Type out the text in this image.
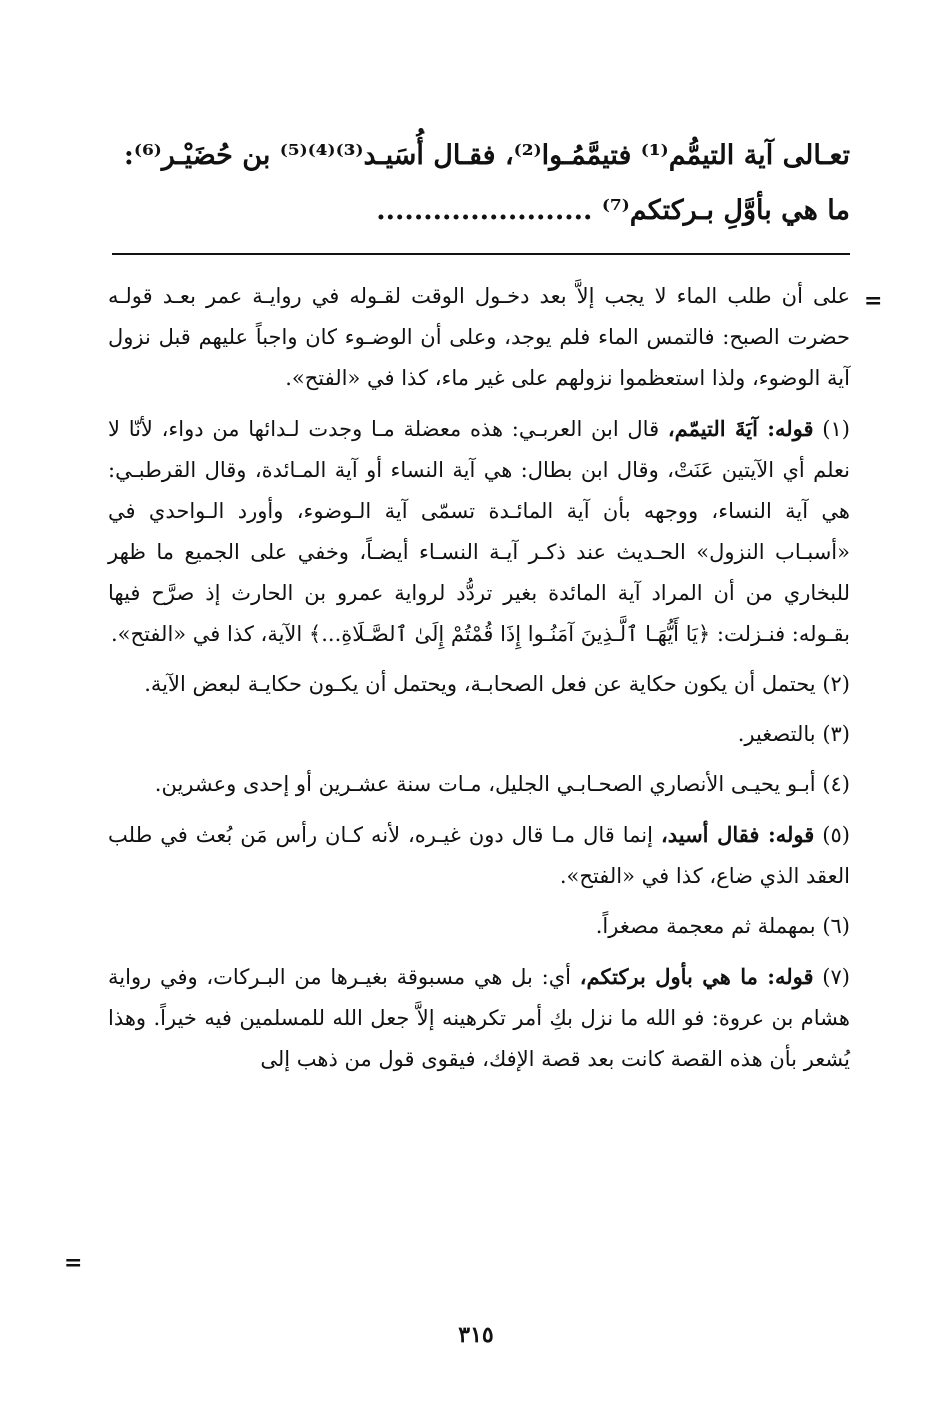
تعـالى آية التيمُّم⁽¹⁾ فتيمَّمُـوا⁽²⁾، فقـال أُسَيـد⁽³⁾⁽⁴⁾⁽⁵⁾ بن حُضَيْـر⁽⁶⁾:
ما هي بأوَّلِ بـركتكم⁽⁷⁾ .......................
=

على أن طلب الماء لا يجب إلاَّ بعد دخـول الوقت لقـوله في روايـة عمر بعـد قولـه حضرت الصبح: فالتمس الماء فلم يوجد، وعلى أن الوضـوء كان واجباً عليهم قبل نزول آية الوضوء، ولذا استعظموا نزولهم على غير ماء، كذا في «الفتح».

(١) قوله: آيَةَ التيمّم، قال ابن العربـي: هذه معضلة مـا وجدت لـدائها من دواء، لأنّا لا نعلم أي الآيتين عَنَتْ، وقال ابن بطال: هي آية النساء أو آية المـائدة، وقال القرطبـي: هي آية النساء، ووجهه بأن آية المائـدة تسمّى آية الـوضوء، وأورد الـواحدي في «أسبـاب النزول» الحـديث عند ذكـر آيـة النسـاء أيضـاً، وخفي على الجميع ما ظهر للبخاري من أن المراد آية المائدة بغير تردُّد لرواية عمرو بن الحارث إذ صرَّح فيها بقـوله: فنـزلت: ﴿يَا أَيُّهَـا ٱلَّـذِينَ آمَنُـوا إِذَا قُمْتُمْ إِلَىٰ ٱلصَّـلَاةِ...﴾ الآية، كذا في «الفتح».

(٢) يحتمل أن يكون حكاية عن فعل الصحابـة، ويحتمل أن يكـون حكايـة لبعض الآية.

(٣) بالتصغير.

(٤) أبـو يحيـى الأنصاري الصحـابـي الجليل، مـات سنة عشـرين أو إحدى وعشرين.

(٥) قوله: فقال أسيد، إنما قال مـا قال دون غيـره، لأنه كـان رأس مَن بُعث في طلب العقد الذي ضاع، كذا في «الفتح».

(٦) بمهملة ثم معجمة مصغراً.

(٧) قوله: ما هي بأول بركتكم، أي: بل هي مسبوقة بغيـرها من البـركات، وفي رواية هشام بن عروة: فو الله ما نزل بكِ أمر تكرهينه إلاَّ جعل الله للمسلمين فيه خيراً. وهذا يُشعر بأن هذه القصة كانت بعد قصة الإفك، فيقوى قول من ذهب إلى

=
٣١٥
